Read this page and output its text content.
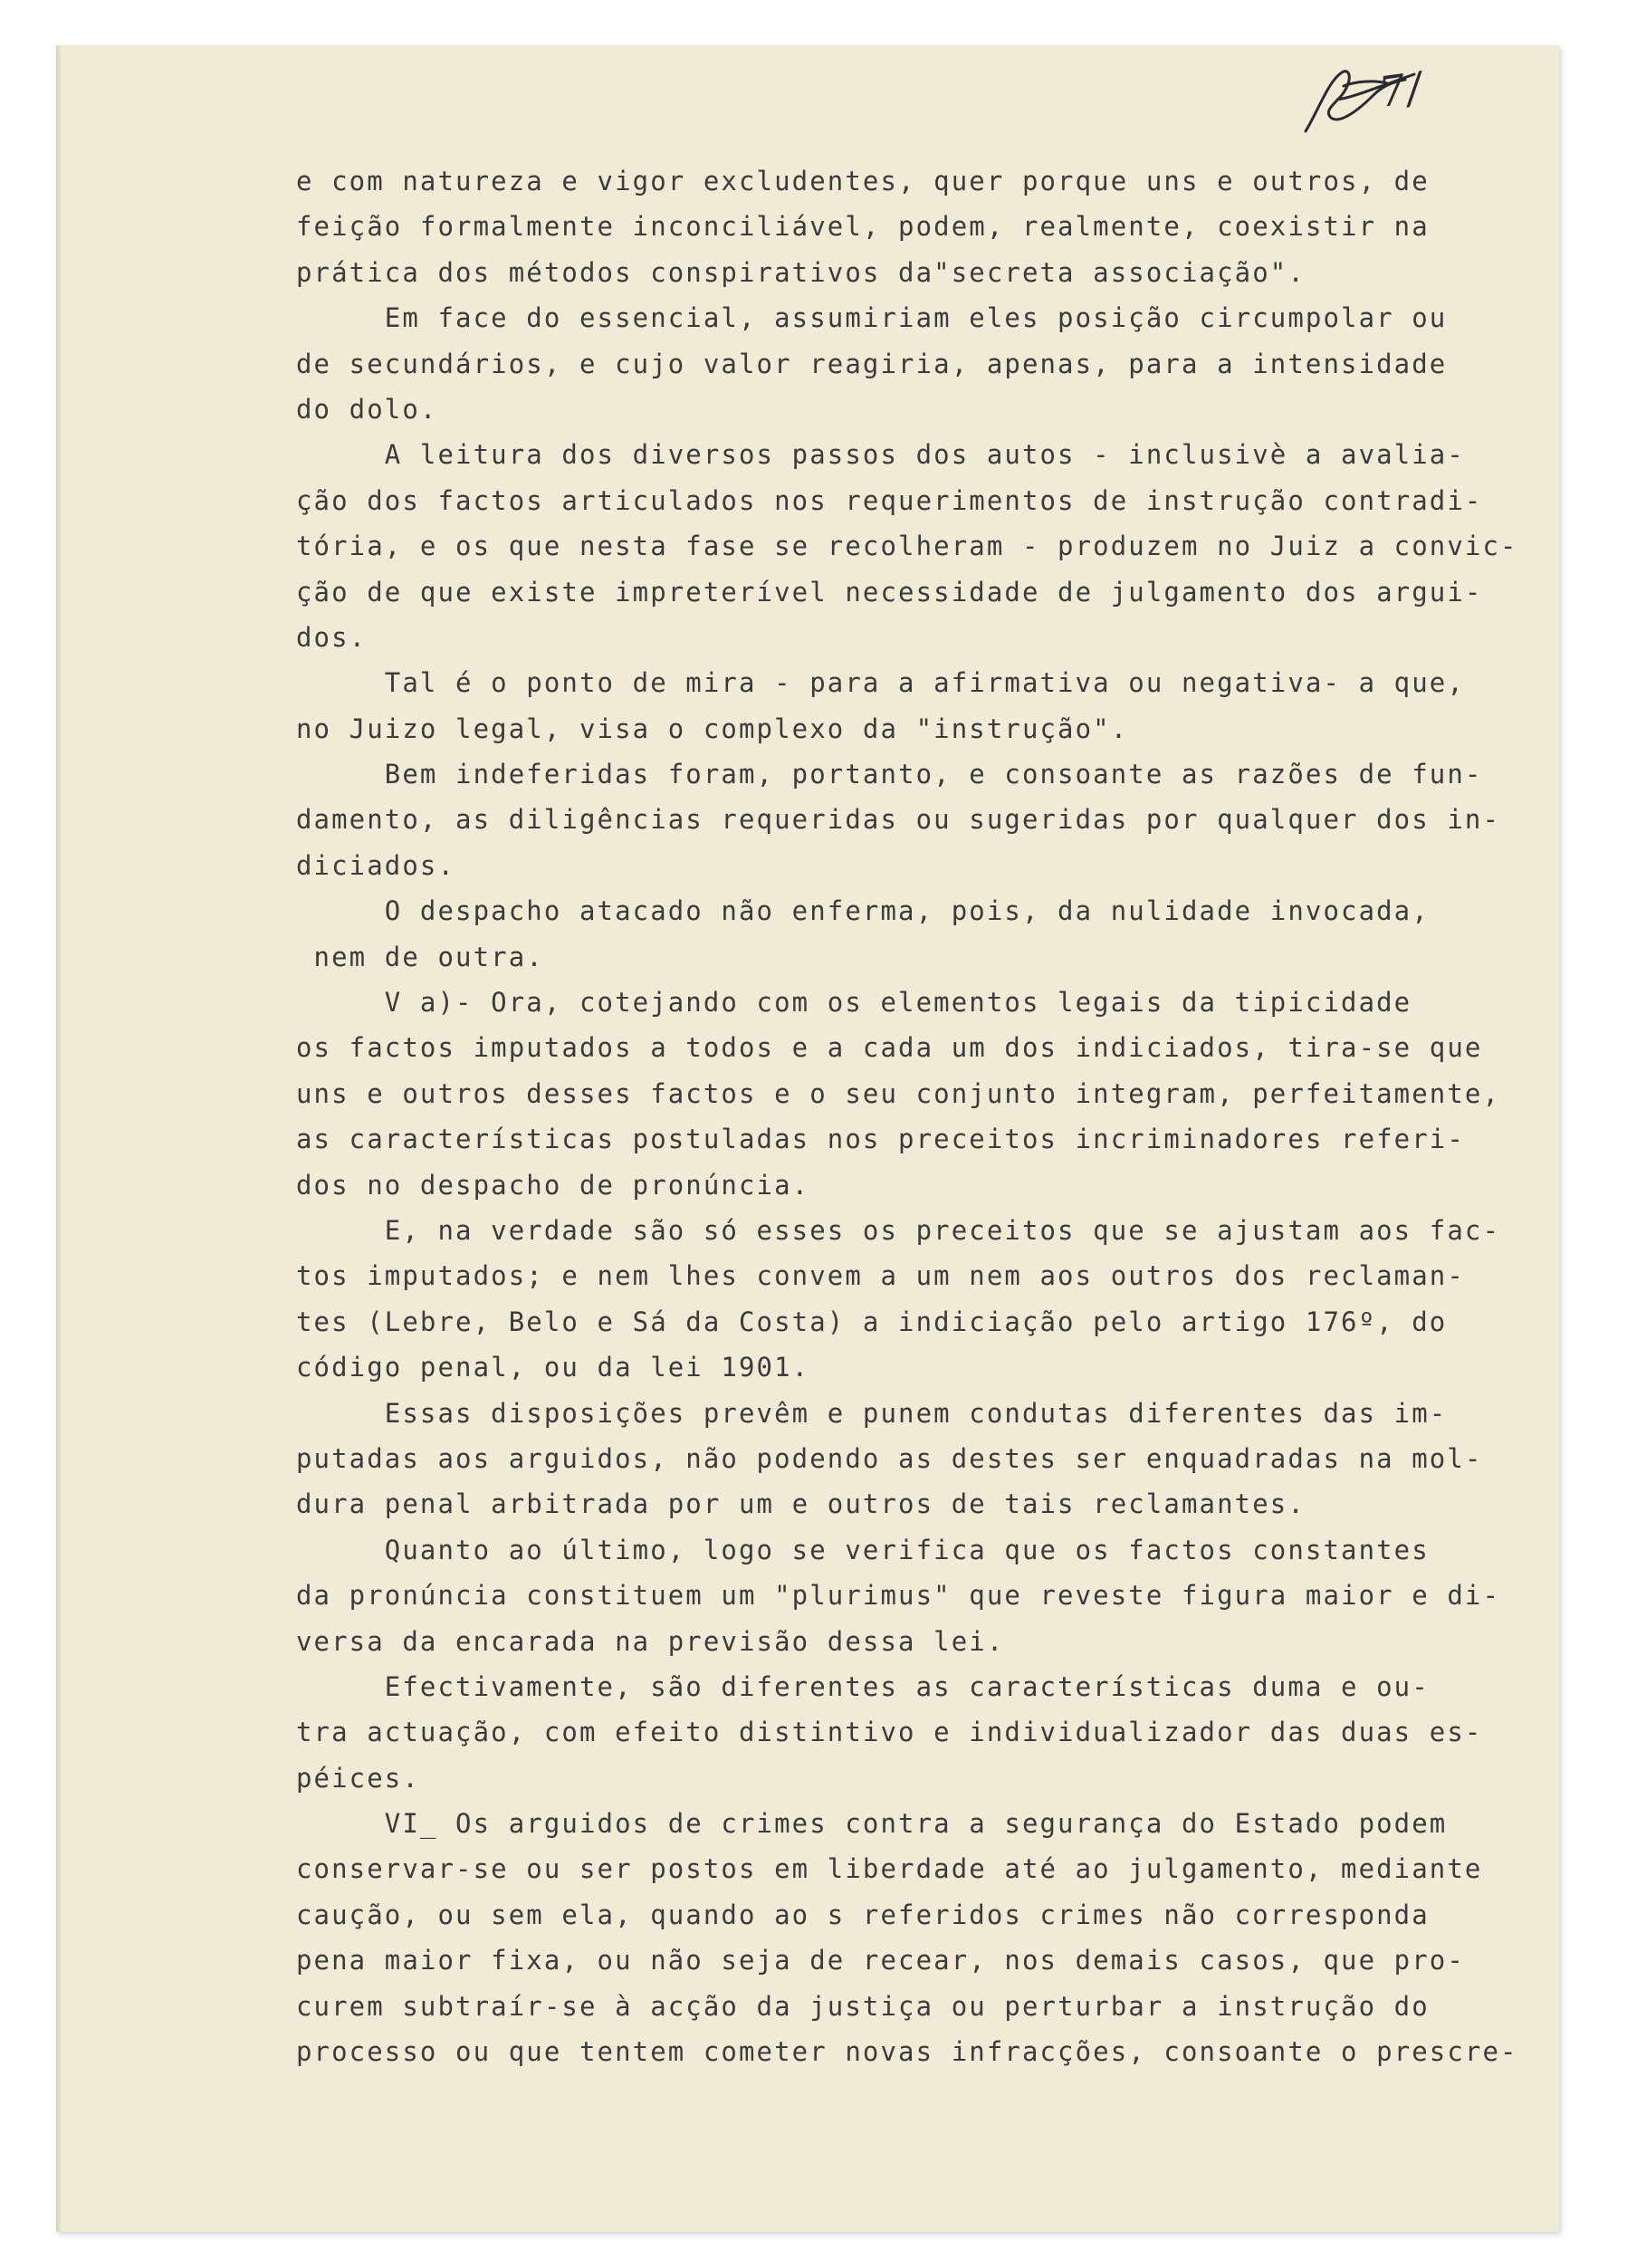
7/
e com natureza e vigor excludentes, quer porque uns e outros, de
feição formalmente inconciliável, podem, realmente, coexistir na
prática dos métodos conspirativos da"secreta associação".
Em face do essencial, assumiriam eles posição circumpolar ou
de secundários, e cujo valor reagiria, apenas, para a intensidade
do dolo.
A leitura dos diversos passos dos autos - inclusivè a avalia-
ção dos factos articulados nos requerimentos de instrução contradi-
tória, e os que nesta fase se recolheram - produzem no Juiz a convic-
ção de que existe impreterível necessidade de julgamento dos argui-
dos.
Tal é o ponto de mira - para a afirmativa ou negativa- a que,
no Juizo legal, visa o complexo da "instrução".
Bem indeferidas foram, portanto, e consoante as razões de fun-
damento, as diligências requeridas ou sugeridas por qualquer dos in-
diciados.
O despacho atacado não enferma, pois, da nulidade invocada,
nem de outra.
V a)- Ora, cotejando com os elementos legais da tipicidade
os factos imputados a todos e a cada um dos indiciados, tira-se que
uns e outros desses factos e o seu conjunto integram, perfeitamente,
as características postuladas nos preceitos incriminadores referi-
dos no despacho de pronúncia.
E, na verdade são só esses os preceitos que se ajustam aos fac-
tos imputados; e nem lhes convem a um nem aos outros dos reclaman-
tes (Lebre, Belo e Sá da Costa) a indiciação pelo artigo 176º, do
código penal, ou da lei 1901.
Essas disposições prevêm e punem condutas diferentes das im-
putadas aos arguidos, não podendo as destes ser enquadradas na mol-
dura penal arbitrada por um e outros de tais reclamantes.
Quanto ao último, logo se verifica que os factos constantes
da pronúncia constituem um "plurimus" que reveste figura maior e di-
versa da encarada na previsão dessa lei.
Efectivamente, são diferentes as características duma e ou-
tra actuação, com efeito distintivo e individualizador das duas es-
péices.
VI_ Os arguidos de crimes contra a segurança do Estado podem
conservar-se ou ser postos em liberdade até ao julgamento, mediante
caução, ou sem ela, quando ao s referidos crimes não corresponda
pena maior fixa, ou não seja de recear, nos demais casos, que pro-
curem subtraír-se à acção da justiça ou perturbar a instrução do
processo ou que tentem cometer novas infracções, consoante o prescre-
